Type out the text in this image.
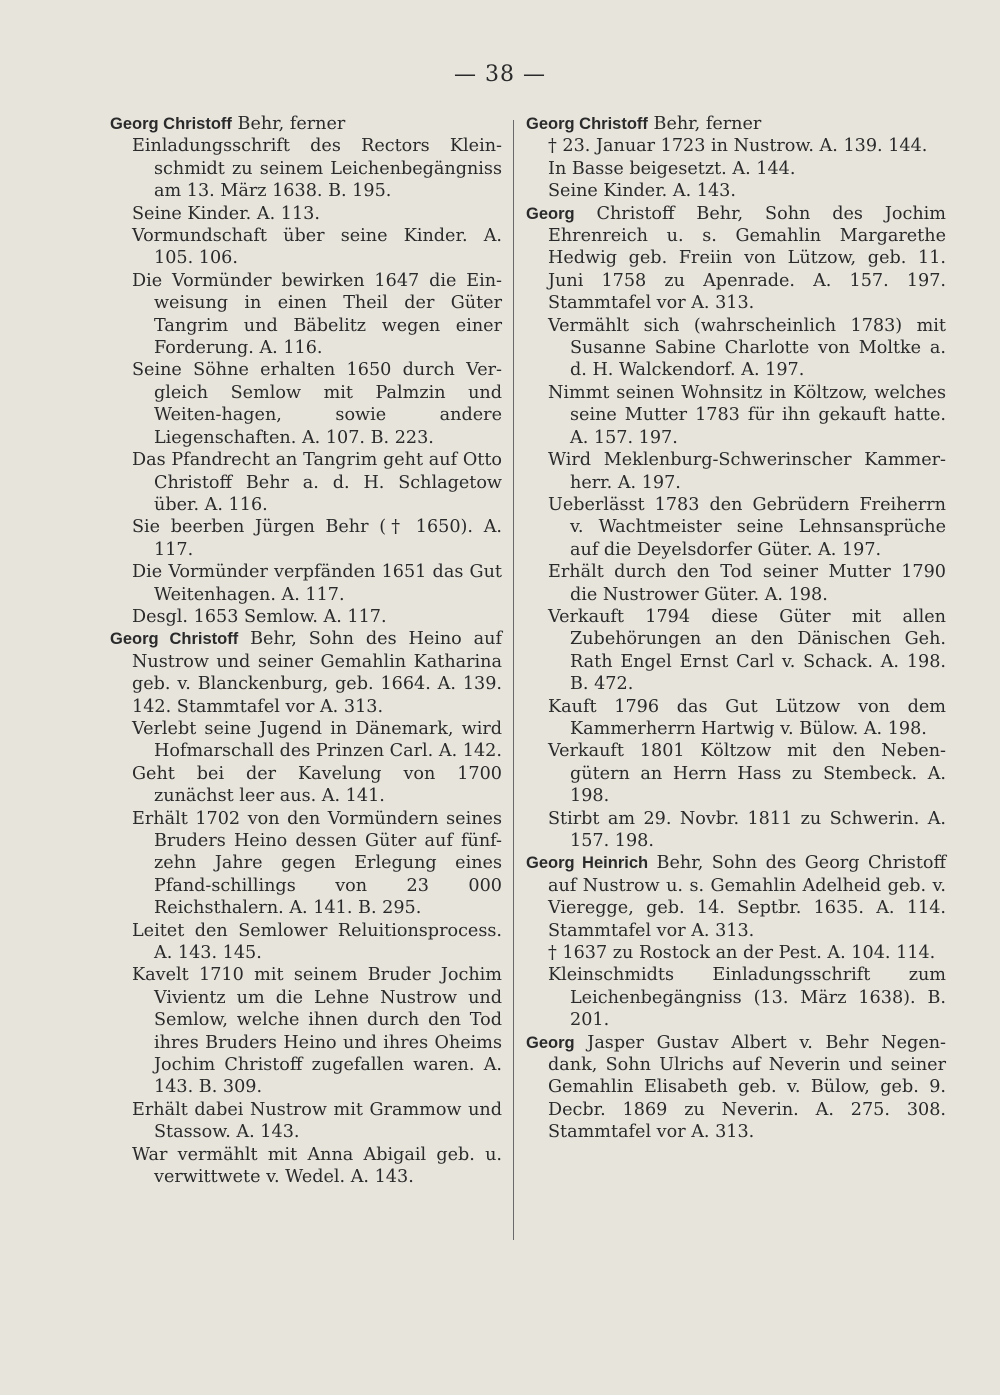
— 38 —

Georg Christoff Behr, ferner

Einladungsschrift des Rectors Klein-schmidt zu seinem Leichenbegängniss am 13. März 1638. B. 195.

Seine Kinder. A. 113.

Vormundschaft über seine Kinder. A. 105. 106.

Die Vormünder bewirken 1647 die Ein-weisung in einen Theil der Güter Tangrim und Bäbelitz wegen einer Forderung. A. 116.

Seine Söhne erhalten 1650 durch Ver-gleich Semlow mit Palmzin und Weiten-hagen, sowie andere Liegenschaften. A. 107. B. 223.

Das Pfandrecht an Tangrim geht auf Otto Christoff Behr a. d. H. Schlagetow über. A. 116.

Sie beerben Jürgen Behr († 1650). A. 117.

Die Vormünder verpfänden 1651 das Gut Weitenhagen. A. 117.

Desgl. 1653 Semlow. A. 117.

Georg Christoff Behr, Sohn des Heino auf Nustrow und seiner Gemahlin Katharina geb. v. Blanckenburg, geb. 1664. A. 139. 142. Stammtafel vor A. 313.

Verlebt seine Jugend in Dänemark, wird Hofmarschall des Prinzen Carl. A. 142.

Geht bei der Kavelung von 1700 zunächst leer aus. A. 141.

Erhält 1702 von den Vormündern seines Bruders Heino dessen Güter auf fünf-zehn Jahre gegen Erlegung eines Pfand-schillings von 23 000 Reichsthalern. A. 141. B. 295.

Leitet den Semlower Reluitionsprocess. A. 143. 145.

Kavelt 1710 mit seinem Bruder Jochim Vivientz um die Lehne Nustrow und Semlow, welche ihnen durch den Tod ihres Bruders Heino und ihres Oheims Jochim Christoff zugefallen waren. A. 143. B. 309.

Erhält dabei Nustrow mit Grammow und Stassow. A. 143.

War vermählt mit Anna Abigail geb. u. verwittwete v. Wedel. A. 143.

Georg Christoff Behr, ferner

† 23. Januar 1723 in Nustrow. A. 139. 144.

In Basse beigesetzt. A. 144.

Seine Kinder. A. 143.

Georg Christoff Behr, Sohn des Jochim Ehrenreich u. s. Gemahlin Margarethe Hedwig geb. Freiin von Lützow, geb. 11. Juni 1758 zu Apenrade. A. 157. 197. Stammtafel vor A. 313.

Vermählt sich (wahrscheinlich 1783) mit Susanne Sabine Charlotte von Moltke a. d. H. Walckendorf. A. 197.

Nimmt seinen Wohnsitz in Költzow, welches seine Mutter 1783 für ihn gekauft hatte. A. 157. 197.

Wird Meklenburg-Schwerinscher Kammer-herr. A. 197.

Ueberlässt 1783 den Gebrüdern Freiherrn v. Wachtmeister seine Lehnsansprüche auf die Deyelsdorfer Güter. A. 197.

Erhält durch den Tod seiner Mutter 1790 die Nustrower Güter. A. 198.

Verkauft 1794 diese Güter mit allen Zubehörungen an den Dänischen Geh. Rath Engel Ernst Carl v. Schack. A. 198. B. 472.

Kauft 1796 das Gut Lützow von dem Kammerherrn Hartwig v. Bülow. A. 198.

Verkauft 1801 Költzow mit den Neben-gütern an Herrn Hass zu Stembeck. A. 198.

Stirbt am 29. Novbr. 1811 zu Schwerin. A. 157. 198.

Georg Heinrich Behr, Sohn des Georg Christoff auf Nustrow u. s. Gemahlin Adelheid geb. v. Vieregge, geb. 14. Septbr. 1635. A. 114. Stammtafel vor A. 313.

† 1637 zu Rostock an der Pest. A. 104. 114.

Kleinschmidts Einladungsschrift zum Leichenbegängniss (13. März 1638). B. 201.

Georg Jasper Gustav Albert v. Behr Negen-dank, Sohn Ulrichs auf Neverin und seiner Gemahlin Elisabeth geb. v. Bülow, geb. 9. Decbr. 1869 zu Neverin. A. 275. 308. Stammtafel vor A. 313.
